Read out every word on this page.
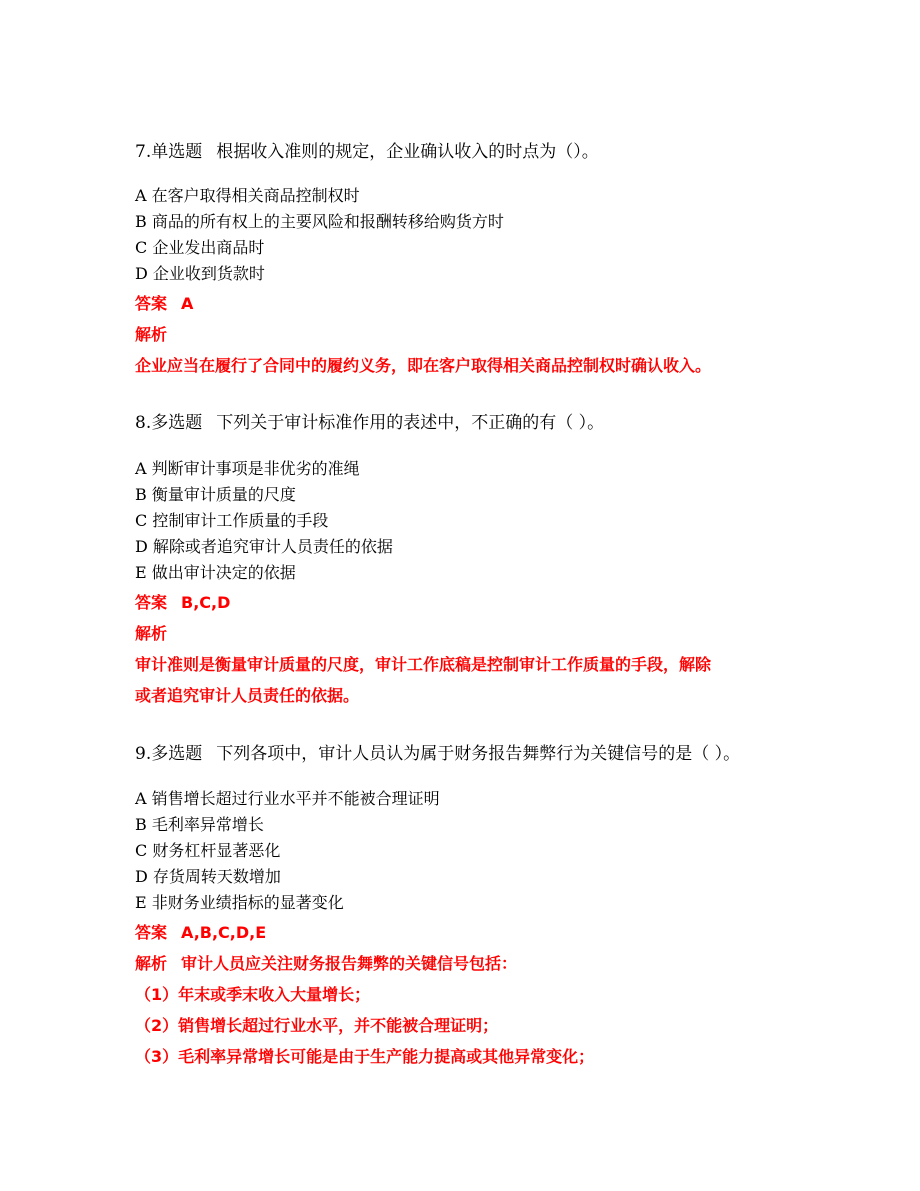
7.单选题 根据收入准则的规定，企业确认收入的时点为（）。
A 在客户取得相关商品控制权时
B 商品的所有权上的主要风险和报酬转移给购货方时
C 企业发出商品时
D 企业收到货款时
答案 A
解析
企业应当在履行了合同中的履约义务，即在客户取得相关商品控制权时确认收入。
8.多选题 下列关于审计标准作用的表述中，不正确的有（ ）。
A 判断审计事项是非优劣的准绳
B 衡量审计质量的尺度
C 控制审计工作质量的手段
D 解除或者追究审计人员责任的依据
E 做出审计决定的依据
答案 B,C,D
解析
审计准则是衡量审计质量的尺度，审计工作底稿是控制审计工作质量的手段，解除
或者追究审计人员责任的依据。
9.多选题 下列各项中，审计人员认为属于财务报告舞弊行为关键信号的是（ ）。
A 销售增长超过行业水平并不能被合理证明
B 毛利率异常增长
C 财务杠杆显著恶化
D 存货周转天数增加
E 非财务业绩指标的显著变化
答案 A,B,C,D,E
解析 审计人员应关注财务报告舞弊的关键信号包括：
（1）年末或季末收入大量增长；
（2）销售增长超过行业水平，并不能被合理证明；
（3）毛利率异常增长可能是由于生产能力提高或其他异常变化；
